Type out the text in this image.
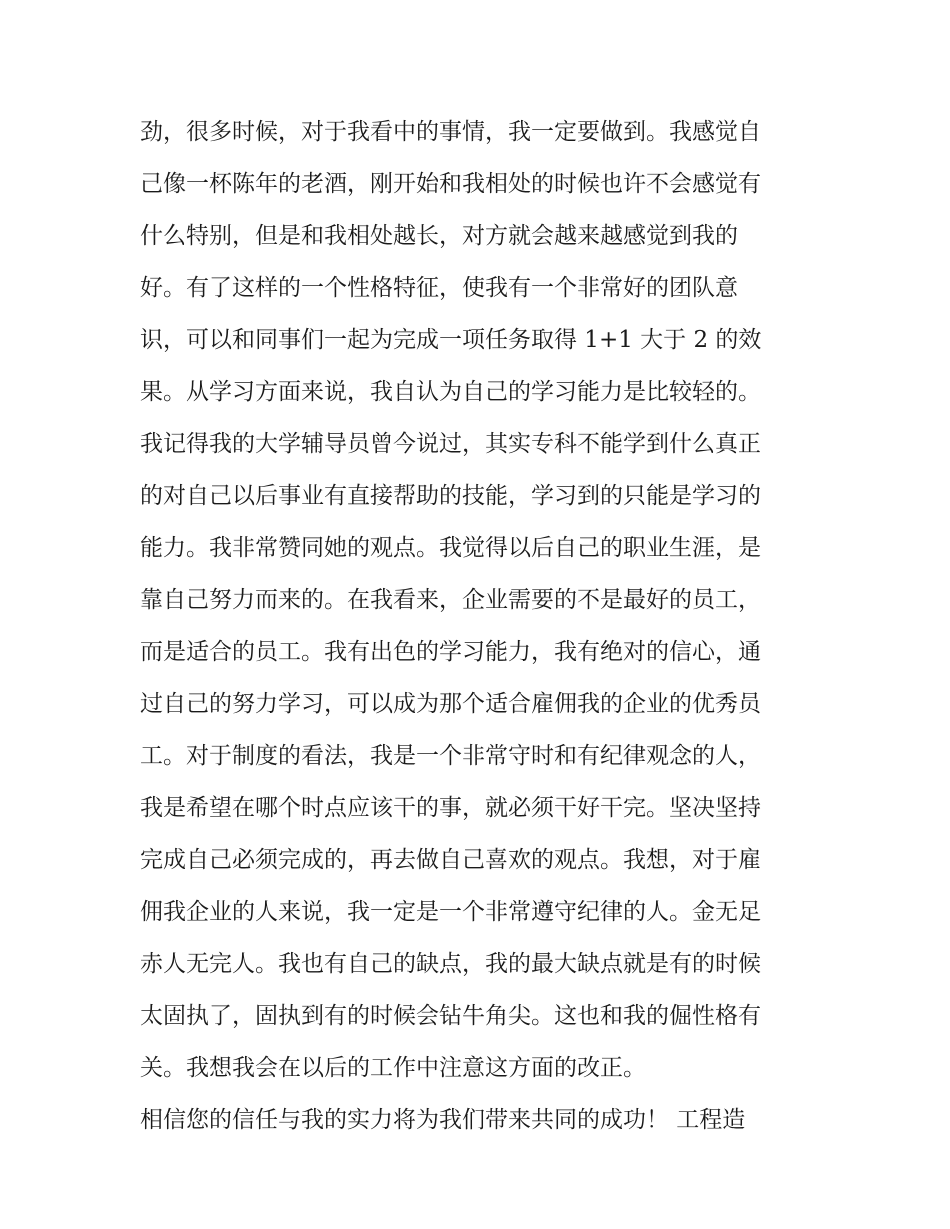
劲，很多时候，对于我看中的事情，我一定要做到。我感觉自

己像一杯陈年的老酒，刚开始和我相处的时候也许不会感觉有

什么特别，但是和我相处越长，对方就会越来越感觉到我的

好。有了这样的一个性格特征，使我有一个非常好的团队意

识，可以和同事们一起为完成一项任务取得 1+1 大于 2 的效

果。从学习方面来说，我自认为自己的学习能力是比较轻的。

我记得我的大学辅导员曾今说过，其实专科不能学到什么真正

的对自己以后事业有直接帮助的技能，学习到的只能是学习的

能力。我非常赞同她的观点。我觉得以后自己的职业生涯，是

靠自己努力而来的。在我看来，企业需要的不是最好的员工，

而是适合的员工。我有出色的学习能力，我有绝对的信心，通

过自己的努力学习，可以成为那个适合雇佣我的企业的优秀员

工。对于制度的看法，我是一个非常守时和有纪律观念的人，

我是希望在哪个时点应该干的事，就必须干好干完。坚决坚持

完成自己必须完成的，再去做自己喜欢的观点。我想，对于雇

佣我企业的人来说，我一定是一个非常遵守纪律的人。金无足

赤人无完人。我也有自己的缺点，我的最大缺点就是有的时候

太固执了，固执到有的时候会钻牛角尖。这也和我的倔性格有

关。我想我会在以后的工作中注意这方面的改正。

相信您的信任与我的实力将为我们带来共同的成功！ 工程造
